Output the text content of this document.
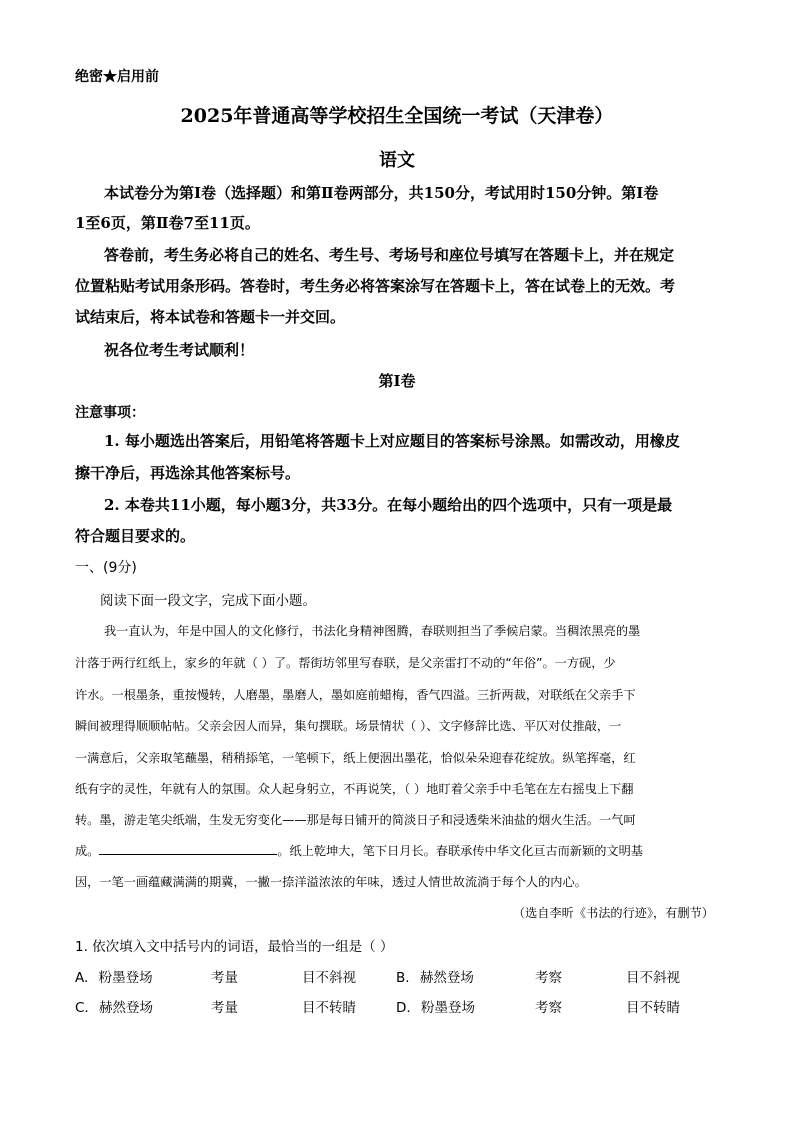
绝密★启用前
2025年普通高等学校招生全国统一考试（天津卷）
语文
本试卷分为第Ⅰ卷（选择题）和第Ⅱ卷两部分，共150分，考试用时150分钟。第Ⅰ卷
1至6页，第Ⅱ卷7至11页。
答卷前，考生务必将自己的姓名、考生号、考场号和座位号填写在答题卡上，并在规定
位置粘贴考试用条形码。答卷时，考生务必将答案涂写在答题卡上，答在试卷上的无效。考
试结束后，将本试卷和答题卡一并交回。
祝各位考生考试顺利！
第Ⅰ卷
注意事项：
1. 每小题选出答案后，用铅笔将答题卡上对应题目的答案标号涂黑。如需改动，用橡皮
擦干净后，再选涂其他答案标号。
2. 本卷共11小题，每小题3分，共33分。在每小题给出的四个选项中，只有一项是最
符合题目要求的。
一、(9分)
阅读下面一段文字，完成下面小题。
我一直认为，年是中国人的文化修行，书法化身精神图腾，春联则担当了季候启蒙。当稠浓黑亮的墨
汁落于两行红纸上，家乡的年就（ ）了。帮街坊邻里写春联，是父亲雷打不动的“年俗”。一方砚，少
许水。一根墨条，重按慢转，人磨墨，墨磨人，墨如庭前蜡梅，香气四溢。三折两裁，对联纸在父亲手下
瞬间被理得顺顺帖帖。父亲会因人而异，集句撰联。场景情状（ ）、文字修辞比选、平仄对仗推敲，一
一满意后，父亲取笔蘸墨，稍稍掭笔，一笔顿下，纸上便洇出墨花，恰似朵朵迎春花绽放。纵笔挥毫，红
纸有字的灵性，年就有人的氛围。众人起身躬立，不再说笑，（ ）地盯着父亲手中毛笔在左右摇曳上下翻
转。墨，游走笔尖纸端，生发无穷变化——那是每日铺开的简淡日子和浸透柴米油盐的烟火生活。一气呵
成。	。纸上乾坤大，笔下日月长。春联承传中华文化亘古而新颖的文明基
因，一笔一画蕴藏满满的期冀，一撇一捺洋溢浓浓的年味，透过人情世故流淌于每个人的内心。
（选自李昕《书法的行迹》，有删节）
1. 依次填入文中括号内的词语，最恰当的一组是（ ）
A. 粉墨登场	考量	目不斜视	B. 赫然登场	考察	目不斜视
C. 赫然登场	考量	目不转睛	D. 粉墨登场	考察	目不转睛
